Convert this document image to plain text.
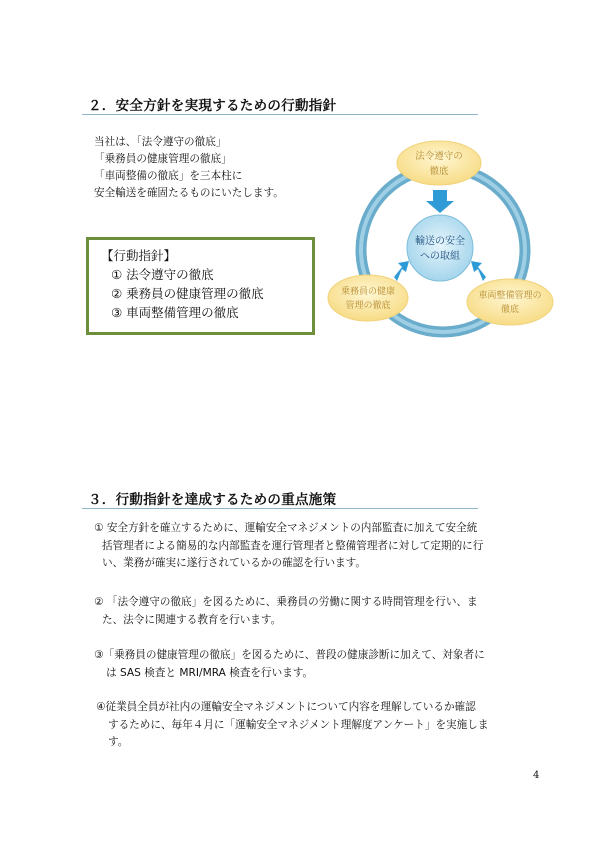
２．安全方針を実現するための行動指針
当社は、「法令遵守の徹底」
「乗務員の健康管理の徹底」
「車両整備の徹底」を三本柱に
安全輸送を確固たるものにいたします。
【行動指針】
① 法令遵守の徹底
② 乗務員の健康管理の徹底
③ 車両整備管理の徹底
輸送の安全
への取組
法令遵守の
徹底
乗務員の健康
管理の徹底
車両整備管理の
徹底
３．行動指針を達成するための重点施策
① 安全方針を確立するために、運輸安全マネジメントの内部監査に加えて安全統
括管理者による簡易的な内部監査を運行管理者と整備管理者に対して定期的に行
い、業務が確実に遂行されているかの確認を行います。
② 「法令遵守の徹底」を図るために、乗務員の労働に関する時間管理を行い、ま
た、法令に関連する教育を行います。
③「乗務員の健康管理の徹底」を図るために、普段の健康診断に加えて、対象者に
は SAS 検査と MRI/MRA 検査を行います。
④従業員全員が社内の運輸安全マネジメントについて内容を理解しているか確認
するために、毎年４月に「運輸安全マネジメント理解度アンケート」を実施しま
す。
4
